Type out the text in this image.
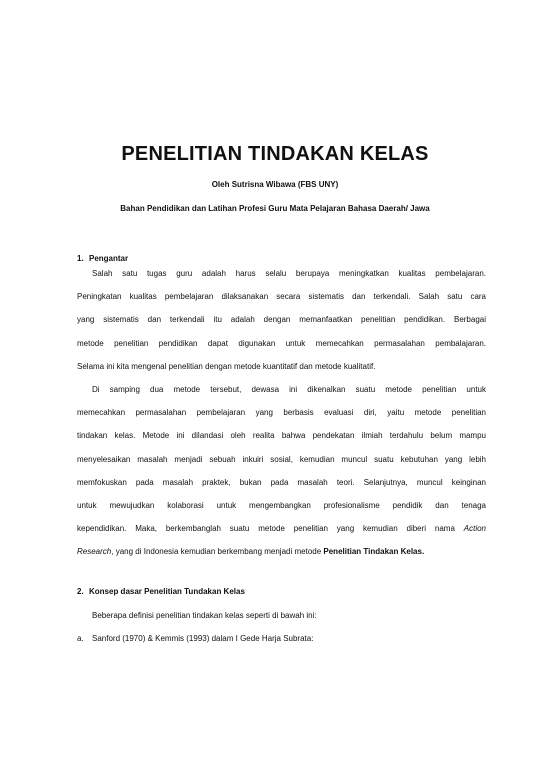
PENELITIAN TINDAKAN KELAS
Oleh Sutrisna Wibawa (FBS UNY)
Bahan Pendidikan dan Latihan Profesi Guru Mata Pelajaran Bahasa Daerah/ Jawa
1. Pengantar

Salah satu tugas guru adalah harus selalu berupaya meningkatkan kualitas pembelajaran.

Peningkatan kualitas pembelajaran dilaksanakan secara sistematis dan terkendali. Salah satu cara

yang sistematis dan terkendali itu adalah dengan memanfaatkan penelitian pendidikan. Berbagai

metode penelitian pendidikan dapat digunakan untuk memecahkan permasalahan pembalajaran.

Selama ini kita mengenal penelitian dengan metode kuantitatif dan metode kualitatif.

Di samping dua metode tersebut, dewasa ini dikenalkan suatu metode penelitian untuk

memecahkan permasalahan pembelajaran yang berbasis evaluasi diri, yaitu metode penelitian

tindakan kelas. Metode ini dilandasi oleh realita bahwa pendekatan ilmiah terdahulu belum mampu

menyelesaikan masalah menjadi sebuah inkuiri sosial, kemudian muncul suatu kebutuhan yang lebih

memfokuskan pada masalah praktek, bukan pada masalah teori. Selanjutnya, muncul keinginan

untuk mewujudkan kolaborasi untuk mengembangkan profesionalisme pendidik dan tenaga

kependidikan. Maka, berkembanglah suatu metode penelitian yang kemudian diberi nama Action

Research, yang di Indonesia kemudian berkembang menjadi metode Penelitian Tindakan Kelas.

2. Konsep dasar Penelitian Tundakan Kelas
Beberapa definisi penelitian tindakan kelas seperti di bawah ini:
a. Sanford (1970) & Kemmis (1993) dalam I Gede Harja Subrata:
